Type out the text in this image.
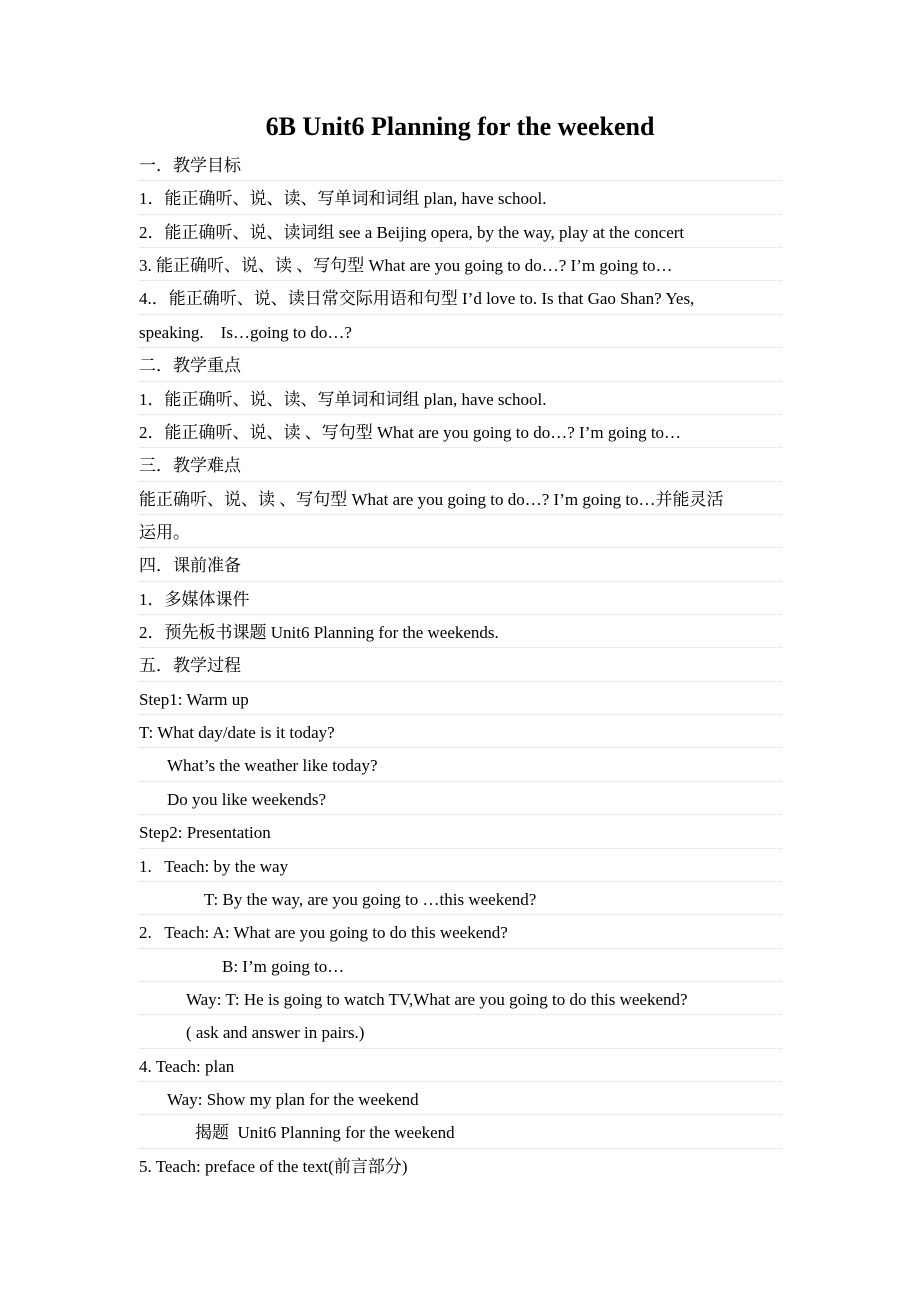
6B Unit6 Planning for the weekend
一．教学目标
1．能正确听、说、读、写单词和词组 plan, have school.
2．能正确听、说、读词组 see a Beijing opera, by the way, play at the concert
3. 能正确听、说、读 、写句型 What are you going to do…? I’m going to…
4.．能正确听、说、读日常交际用语和句型 I’d love to. Is that Gao Shan? Yes,
speaking.    Is…going to do…?
二．教学重点
1．能正确听、说、读、写单词和词组 plan, have school.
2．能正确听、说、读 、写句型 What are you going to do…? I’m going to…
三．教学难点
能正确听、说、读 、写句型 What are you going to do…? I’m going to…并能灵活
运用。
四．课前准备
1．多媒体课件
2．预先板书课题 Unit6 Planning for the weekends.
五．教学过程
Step1: Warm up
T: What day/date is it today?
What’s the weather like today?
Do you like weekends?
Step2: Presentation
1.   Teach: by the way
T: By the way, are you going to …this weekend?
2.   Teach: A: What are you going to do this weekend?
B: I’m going to…
Way: T: He is going to watch TV,What are you going to do this weekend?
( ask and answer in pairs.)
4. Teach: plan
Way: Show my plan for the weekend
揭题  Unit6 Planning for the weekend
5. Teach: preface of the text(前言部分)
